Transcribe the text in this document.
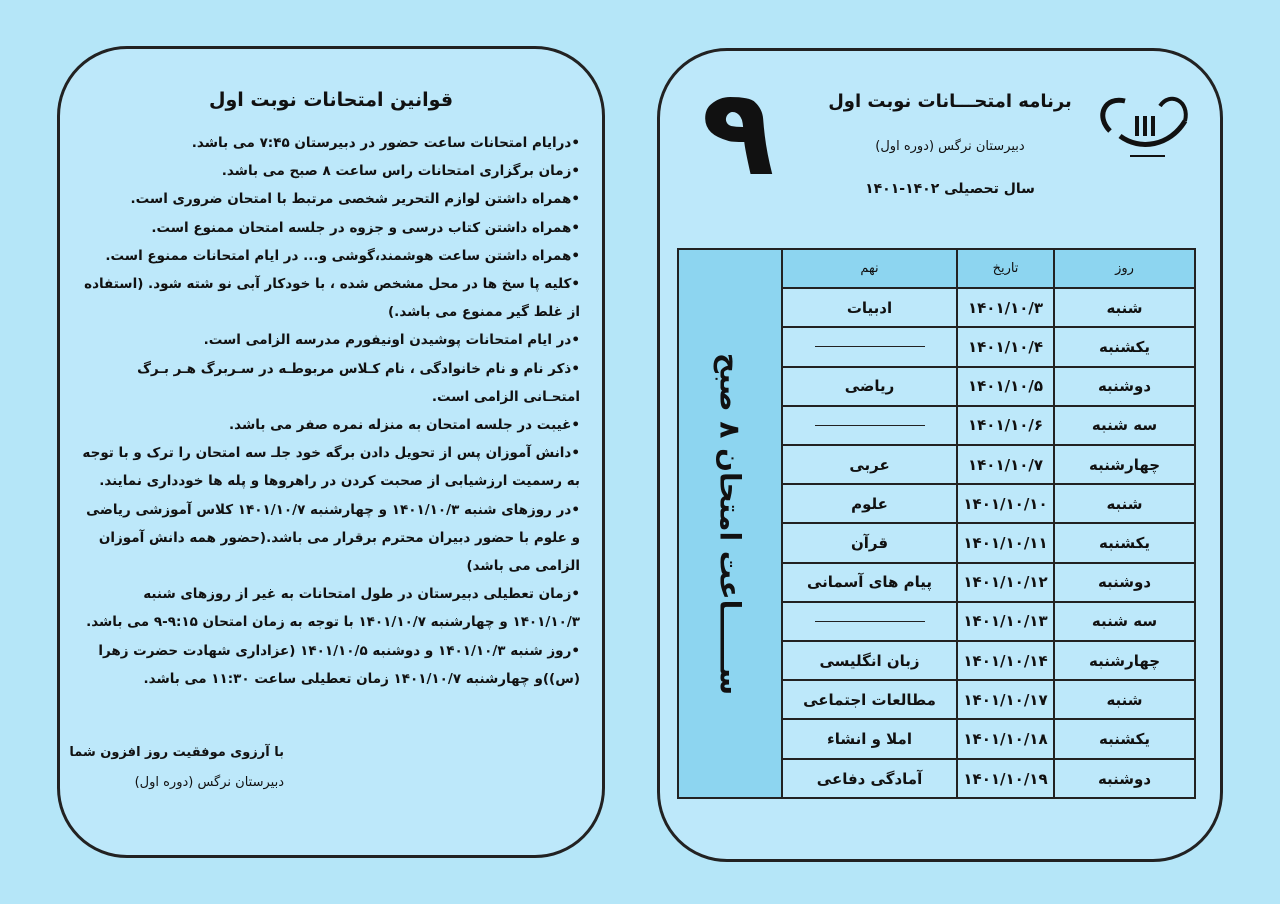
قوانین امتحانات نوبت اول
• درایام امتحانات ساعت حضور در دبیرستان ۷:۴۵ می باشد.
• زمان برگزاری امتحانات راس ساعت ۸ صبح می باشد.
• همراه داشتن لوازم التحریر شخصی مرتبط با امتحان ضروری است.
• همراه داشتن کتاب درسی و جزوه در جلسه امتحان ممنوع است.
• همراه داشتن ساعت هوشمند،گوشی و... در ایام امتحانات ممنوع است.
• کلیه پا سخ ها در محل مشخص شده ، با خودکار آبی نو شته شود. (استفاده از غلط گیر ممنوع می باشد.)
• در ایام امتحانات پوشیدن اونیفورم مدرسه الزامی است.
• ذکر نام و نام خانوادگی ، نام کـلاس مربوطـه در سـربرگ هـر بـرگ امتحـانی الزامی است.
• غیبت در جلسه امتحان به منزله نمره صفر می باشد.
• دانش آموزان پس از تحویل دادن برگه خود جلـ سه امتحان را ترک و با توجه به رسمیت ارزشیابی از صحبت کردن در راهروها و پله ها خودداری نمایند.
• در روزهای شنبه ۱۴۰۱/۱۰/۳ و چهارشنبه ۱۴۰۱/۱۰/۷ کلاس آموزشی ریاضی و علوم با حضور دبیران محترم برقرار می باشد.(حضور همه دانش آموزان الزامی می باشد)
• زمان تعطیلی دبیرستان در طول امتحانات به غیر از روزهای شنبه ۱۴۰۱/۱۰/۳ و چهارشنبه ۱۴۰۱/۱۰/۷ با توجه به زمان امتحان ۹:۱۵-۹ می باشد.
• روز شنبه ۱۴۰۱/۱۰/۳ و دوشنبه ۱۴۰۱/۱۰/۵ (عزاداری شهادت حضرت زهرا (س))و چهارشنبه ۱۴۰۱/۱۰/۷ زمان تعطیلی ساعت ۱۱:۳۰ می باشد.
با آرزوی موفقیت روز افزون شما
دبیرستان نرگس (دوره اول)
برنامه امتحـــانات نوبت اول
دبیرستان نرگس (دوره اول)
سال تحصیلی ۱۴۰۲-۱۴۰۱
۹
ســــــاعت امتحان ۸ صبح
روز
تاریخ
نهم
شنبه
۱۴۰۱/۱۰/۳
ادبیات
یکشنبه
۱۴۰۱/۱۰/۴
دوشنبه
۱۴۰۱/۱۰/۵
ریاضی
سه شنبه
۱۴۰۱/۱۰/۶
چهارشنبه
۱۴۰۱/۱۰/۷
عربی
شنبه
۱۴۰۱/۱۰/۱۰
علوم
یکشنبه
۱۴۰۱/۱۰/۱۱
قرآن
دوشنبه
۱۴۰۱/۱۰/۱۲
پیام های آسمانی
سه شنبه
۱۴۰۱/۱۰/۱۳
چهارشنبه
۱۴۰۱/۱۰/۱۴
زبان انگلیسی
شنبه
۱۴۰۱/۱۰/۱۷
مطالعات اجتماعی
یکشنبه
۱۴۰۱/۱۰/۱۸
املا و انشاء
دوشنبه
۱۴۰۱/۱۰/۱۹
آمادگی دفاعی
